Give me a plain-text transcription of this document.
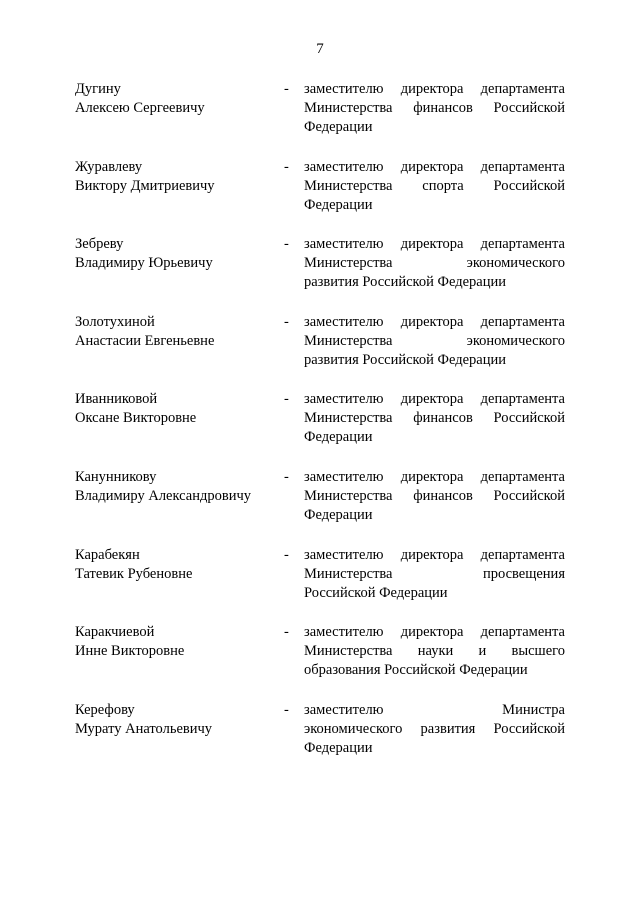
7
Дугину
Алексею Сергеевичу
- заместителю директора департамента
Министерства финансов Российской
Федерации
Журавлеву
Виктору Дмитриевичу
- заместителю директора департамента
Министерства спорта Российской
Федерации
Зебреву
Владимиру Юрьевичу
- заместителю директора департамента
Министерства экономического
развития Российской Федерации
Золотухиной
Анастасии Евгеньевне
- заместителю директора департамента
Министерства экономического
развития Российской Федерации
Иванниковой
Оксане Викторовне
- заместителю директора департамента
Министерства финансов Российской
Федерации
Канунникову
Владимиру Александровичу
- заместителю директора департамента
Министерства финансов Российской
Федерации
Карабекян
Татевик Рубеновне
- заместителю директора департамента
Министерства просвещения
Российской Федерации
Каракчиевой
Инне Викторовне
- заместителю директора департамента
Министерства науки и высшего
образования Российской Федерации
Керефову
Мурату Анатольевичу
- заместителю Министра
экономического развития Российской
Федерации
